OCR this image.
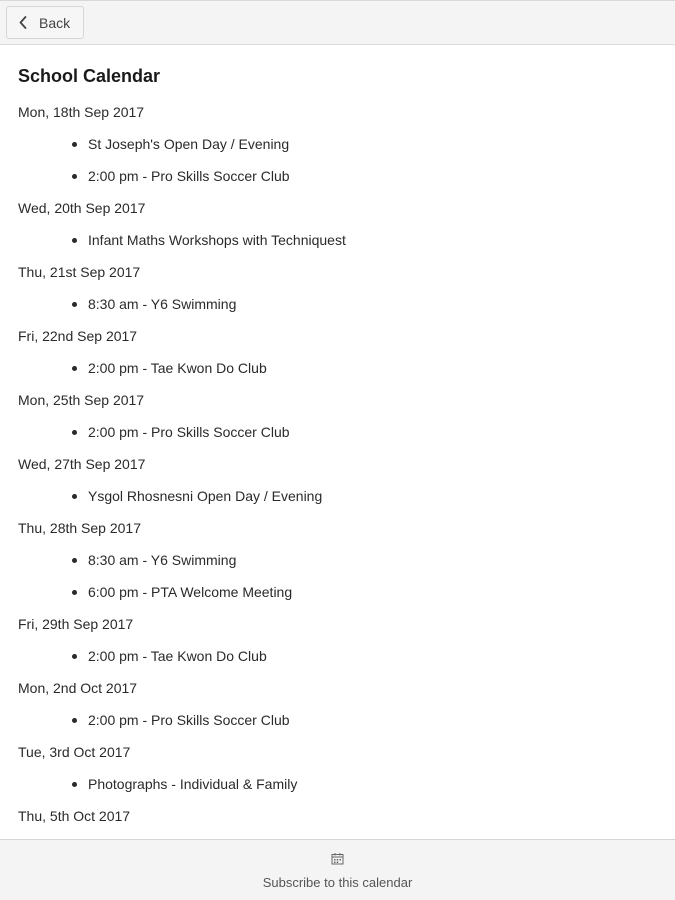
Back
School Calendar
Mon, 18th Sep 2017
St Joseph's Open Day / Evening
2:00 pm - Pro Skills Soccer Club
Wed, 20th Sep 2017
Infant Maths Workshops with Techniquest
Thu, 21st Sep 2017
8:30 am - Y6 Swimming
Fri, 22nd Sep 2017
2:00 pm - Tae Kwon Do Club
Mon, 25th Sep 2017
2:00 pm - Pro Skills Soccer Club
Wed, 27th Sep 2017
Ysgol Rhosnesni Open Day / Evening
Thu, 28th Sep 2017
8:30 am - Y6 Swimming
6:00 pm - PTA Welcome Meeting
Fri, 29th Sep 2017
2:00 pm - Tae Kwon Do Club
Mon, 2nd Oct 2017
2:00 pm - Pro Skills Soccer Club
Tue, 3rd Oct 2017
Photographs - Individual & Family
Thu, 5th Oct 2017
Subscribe to this calendar
